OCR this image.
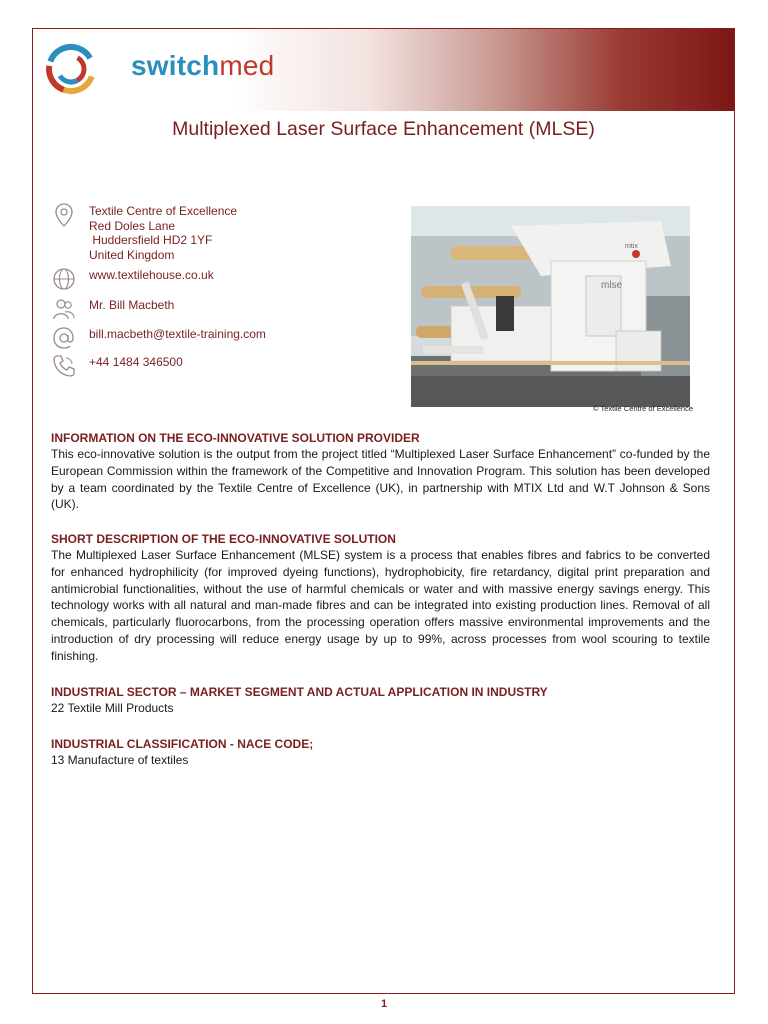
switchmed
Multiplexed Laser Surface Enhancement (MLSE)
Textile Centre of Excellence
Red Doles Lane
Huddersfield HD2 1YF
United Kingdom
www.textilehouse.co.uk
Mr. Bill Macbeth
bill.macbeth@textile-training.com
+44 1484 346500
mlse
mtix
© Textile Centre of Excellence
INFORMATION ON THE ECO-INNOVATIVE SOLUTION PROVIDER
This eco-innovative solution is the output from the project titled “Multiplexed Laser Surface Enhancement” co-funded by the European Commission within the framework of the Competitive and Innovation Program. This solution has been developed by a team coordinated by the Textile Centre of Excellence (UK), in partnership with MTIX Ltd and W.T Johnson & Sons (UK).
SHORT DESCRIPTION OF THE ECO-INNOVATIVE SOLUTION
The Multiplexed Laser Surface Enhancement (MLSE) system is a process that enables fibres and fabrics to be converted for enhanced hydrophilicity (for improved dyeing functions), hydrophobicity, fire retardancy, digital print preparation and antimicrobial functionalities, without the use of harmful chemicals or water and with massive energy savings energy. This technology works with all natural and man-made fibres and can be integrated into existing production lines. Removal of all chemicals, particularly fluorocarbons, from the processing operation offers massive environmental improvements and the introduction of dry processing will reduce energy usage by up to 99%, across processes from wool scouring to textile finishing.
INDUSTRIAL SECTOR – MARKET SEGMENT AND ACTUAL APPLICATION IN INDUSTRY
22 Textile Mill Products
INDUSTRIAL CLASSIFICATION - NACE CODE;
13 Manufacture of textiles
1
